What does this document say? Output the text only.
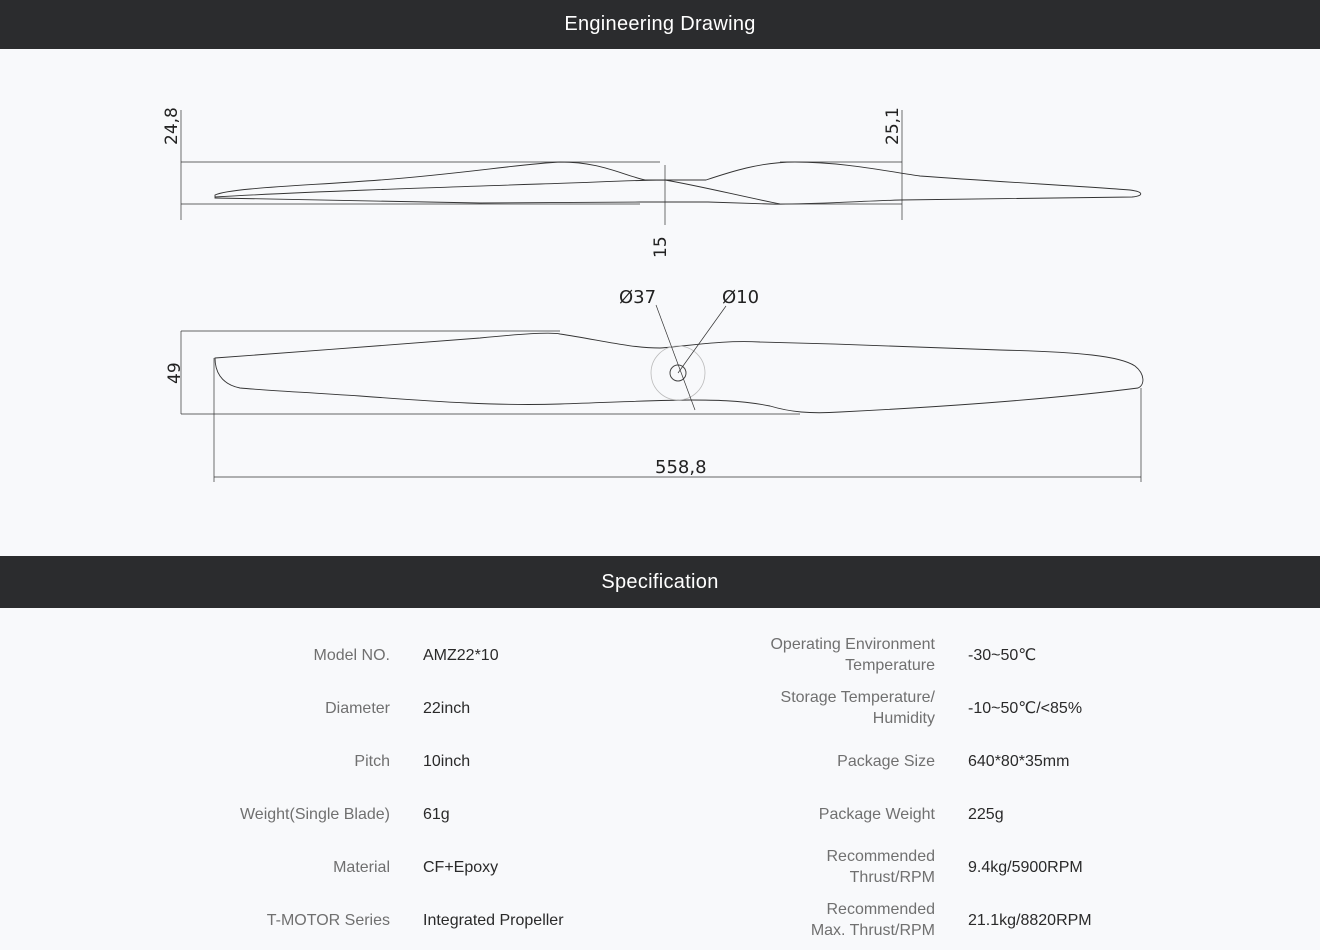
Engineering Drawing
24,8	25,1
15
Ø37	Ø10
49
558,8
Specification
Model NO. AMZ22*10
Diameter 22inch
Pitch 10inch
Weight(Single Blade) 61g
Material CF+Epoxy
T-MOTOR Series Integrated Propeller
Operating Environment
Temperature
-30~50℃
Storage Temperature/
Humidity
-10~50℃/<85%
Package Size 640*80*35mm
Package Weight 225g
Recommended
Thrust/RPM
9.4kg/5900RPM
Recommended
Max. Thrust/RPM
21.1kg/8820RPM
